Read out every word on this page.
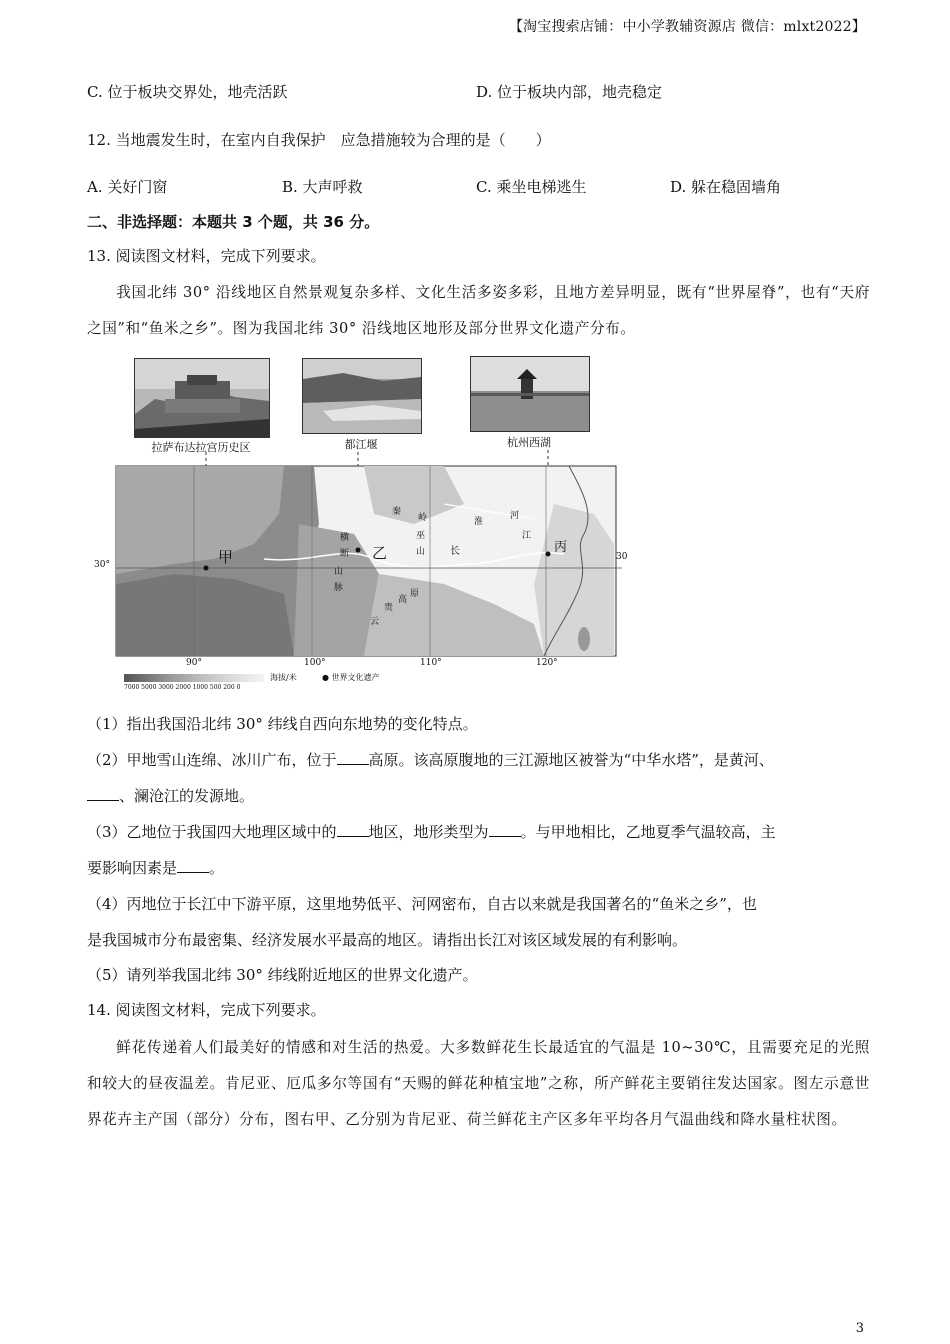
【淘宝搜索店铺：中小学教辅资源店 微信：mlxt2022】
C. 位于板块交界处，地壳活跃	D. 位于板块内部，地壳稳定
12. 当地震发生时，在室内自我保护　应急措施较为合理的是（　　）
A. 关好门窗	B. 大声呼救	C. 乘坐电梯逃生	D. 躲在稳固墙角
二、非选择题：本题共 3 个题，共 36 分。
13. 阅读图文材料，完成下列要求。
我国北纬 30° 沿线地区自然景观复杂多样、文化生活多姿多彩，且地方差异明显，既有“世界屋脊”，也有“天府之国”和“鱼米之乡”。图为我国北纬 30° 沿线地区地形及部分世界文化遗产分布。
拉萨布达拉宫历史区	都江堰	杭州西湖
甲	乙	丙
横
断
山
脉
秦
岭
巫
山
云
贵
高
原
淮
河
长
江
30°
30
90°	100°	110°	120°
7000 5000 3000 2000 1000 500 200 0
海拔/米	● 世界文化遗产
（1）指出我国沿北纬 30° 纬线自西向东地势的变化特点。
（2）甲地雪山连绵、冰川广布，位于 高原。该高原腹地的三江源地区被誉为“中华水塔”，是黄河、
、澜沧江的发源地。
（3）乙地位于我国四大地理区域中的 地区，地形类型为 。与甲地相比，乙地夏季气温较高，主
要影响因素是 。
（4）丙地位于长江中下游平原，这里地势低平、河网密布，自古以来就是我国著名的“鱼米之乡”，也
是我国城市分布最密集、经济发展水平最高的地区。请指出长江对该区域发展的有利影响。
（5）请列举我国北纬 30° 纬线附近地区的世界文化遗产。
14. 阅读图文材料，完成下列要求。
鲜花传递着人们最美好的情感和对生活的热爱。大多数鲜花生长最适宜的气温是 10~30℃，且需要充足的光照和较大的昼夜温差。肯尼亚、厄瓜多尔等国有“天赐的鲜花种植宝地”之称，所产鲜花主要销往发达国家。图左示意世界花卉主产国（部分）分布，图右甲、乙分别为肯尼亚、荷兰鲜花主产区多年平均各月气温曲线和降水量柱状图。
3
